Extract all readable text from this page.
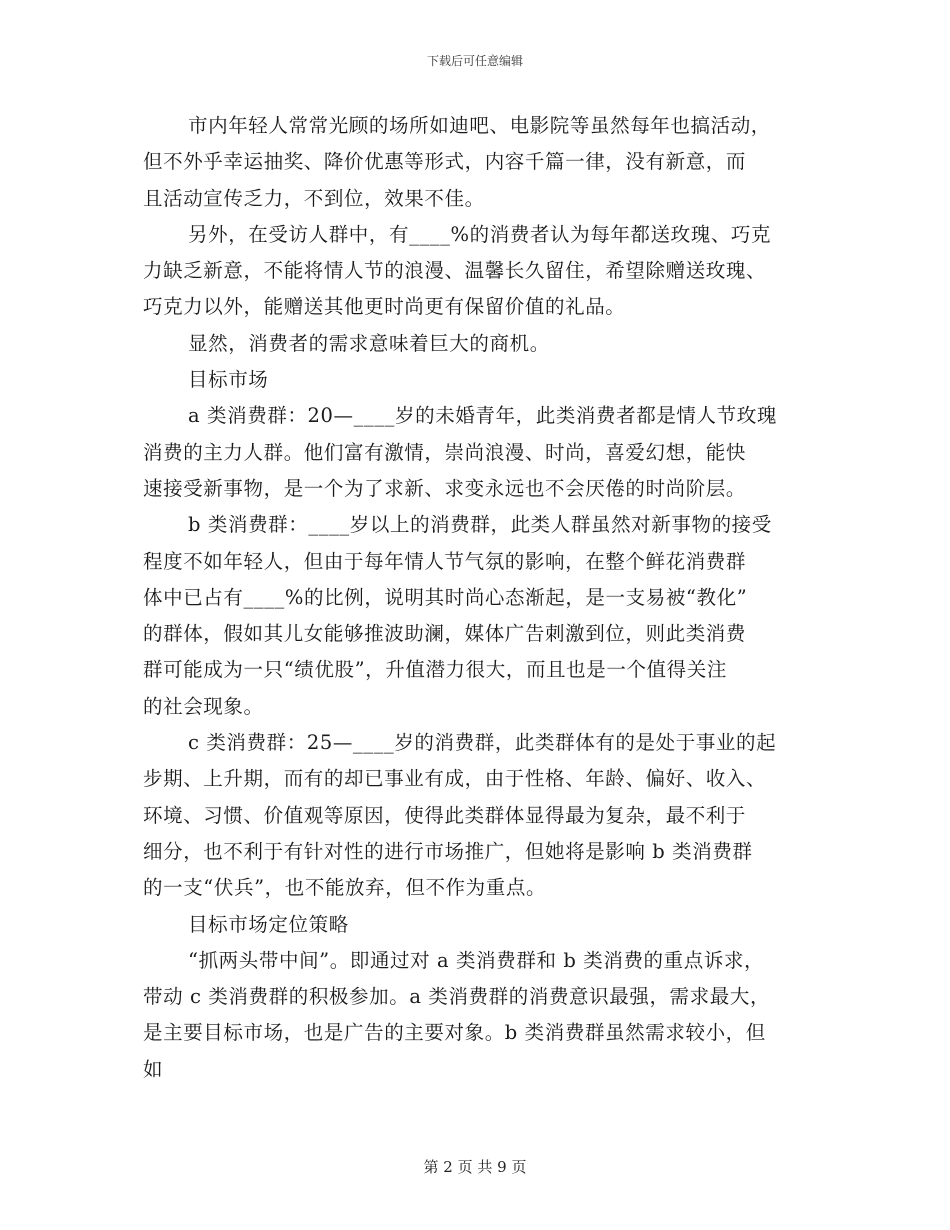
下载后可任意编辑
市内年轻人常常光顾的场所如迪吧、电影院等虽然每年也搞活动，
但不外乎幸运抽奖、降价优惠等形式，内容千篇一律，没有新意，而
且活动宣传乏力，不到位，效果不佳。
另外，在受访人群中，有____%的消费者认为每年都送玫瑰、巧克
力缺乏新意，不能将情人节的浪漫、温馨长久留住，希望除赠送玫瑰、
巧克力以外，能赠送其他更时尚更有保留价值的礼品。
显然，消费者的需求意味着巨大的商机。
目标市场
a 类消费群：20—____岁的未婚青年，此类消费者都是情人节玫瑰
消费的主力人群。他们富有激情，崇尚浪漫、时尚，喜爱幻想，能快
速接受新事物，是一个为了求新、求变永远也不会厌倦的时尚阶层。
b 类消费群：____岁以上的消费群，此类人群虽然对新事物的接受
程度不如年轻人，但由于每年情人节气氛的影响，在整个鲜花消费群
体中已占有____%的比例，说明其时尚心态渐起，是一支易被“教化”
的群体，假如其儿女能够推波助澜，媒体广告刺激到位，则此类消费
群可能成为一只“绩优股”，升值潜力很大，而且也是一个值得关注
的社会现象。
c 类消费群：25—____岁的消费群，此类群体有的是处于事业的起
步期、上升期，而有的却已事业有成，由于性格、年龄、偏好、收入、
环境、习惯、价值观等原因，使得此类群体显得最为复杂，最不利于
细分，也不利于有针对性的进行市场推广，但她将是影响 b 类消费群
的一支“伏兵”，也不能放弃，但不作为重点。
目标市场定位策略
“抓两头带中间”。即通过对 a 类消费群和 b 类消费的重点诉求，
带动 c 类消费群的积极参加。a 类消费群的消费意识最强，需求最大，
是主要目标市场，也是广告的主要对象。b 类消费群虽然需求较小，但
如
第 2 页 共 9 页
